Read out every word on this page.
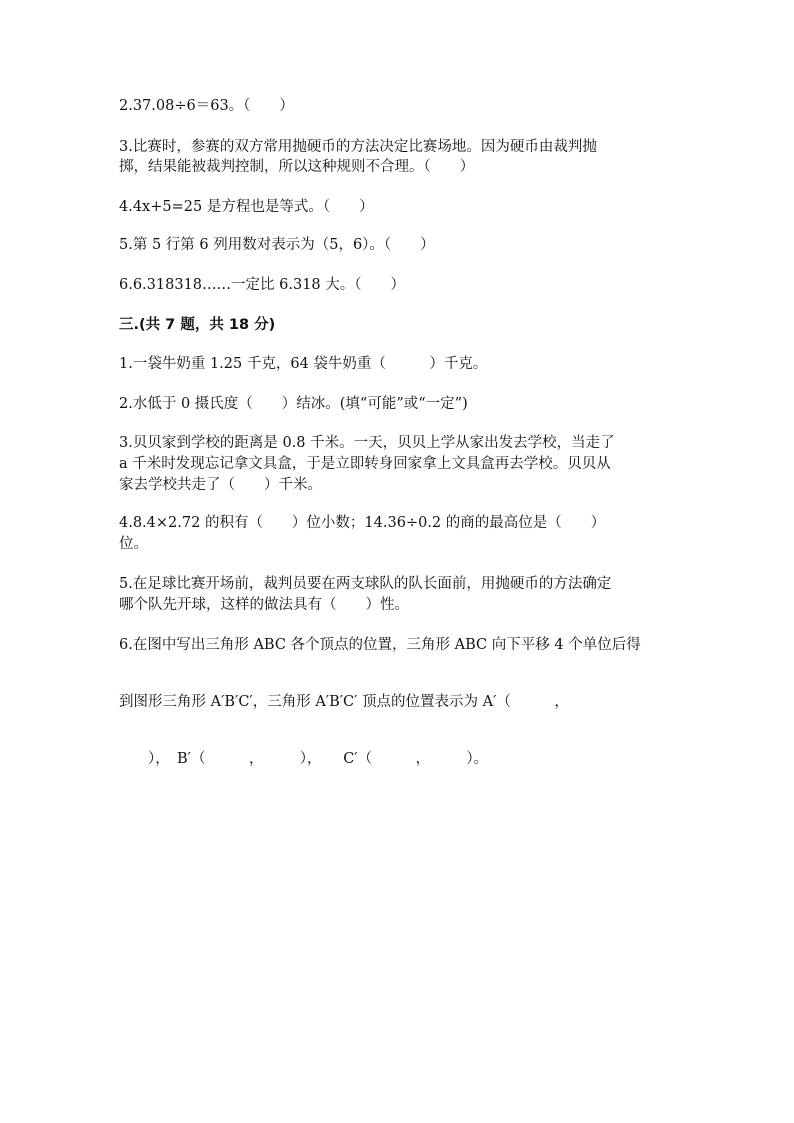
2.37.08÷6＝63。（　　）
3.比赛时，参赛的双方常用抛硬币的方法决定比赛场地。因为硬币由裁判抛
掷，结果能被裁判控制，所以这种规则不合理。（　　）
4.4x+5=25 是方程也是等式。（　　）
5.第 5 行第 6 列用数对表示为（5，6）。（　　）
6.6.318318……一定比 6.318 大。（　　）
三.(共 7 题，共 18 分)
1.一袋牛奶重 1.25 千克，64 袋牛奶重（　　　）千克。
2.水低于 0 摄氏度（　　）结冰。(填“可能”或“一定”)
3.贝贝家到学校的距离是 0.8 千米。一天，贝贝上学从家出发去学校，当走了
a 千米时发现忘记拿文具盒，于是立即转身回家拿上文具盒再去学校。贝贝从
家去学校共走了（　　）千米。
4.8.4×2.72 的积有（　　）位小数；14.36÷0.2 的商的最高位是（　　）
位。
5.在足球比赛开场前，裁判员要在两支球队的队长面前，用抛硬币的方法确定
哪个队先开球，这样的做法具有（　　）性。
6.在图中写出三角形 ABC 各个顶点的位置，三角形 ABC 向下平移 4 个单位后得
到图形三角形 A′B′C′，三角形 A′B′C′ 顶点的位置表示为 A′（　　　，
　　），　B′（　　　，　　　），　　C′（　　　，　　　）。
